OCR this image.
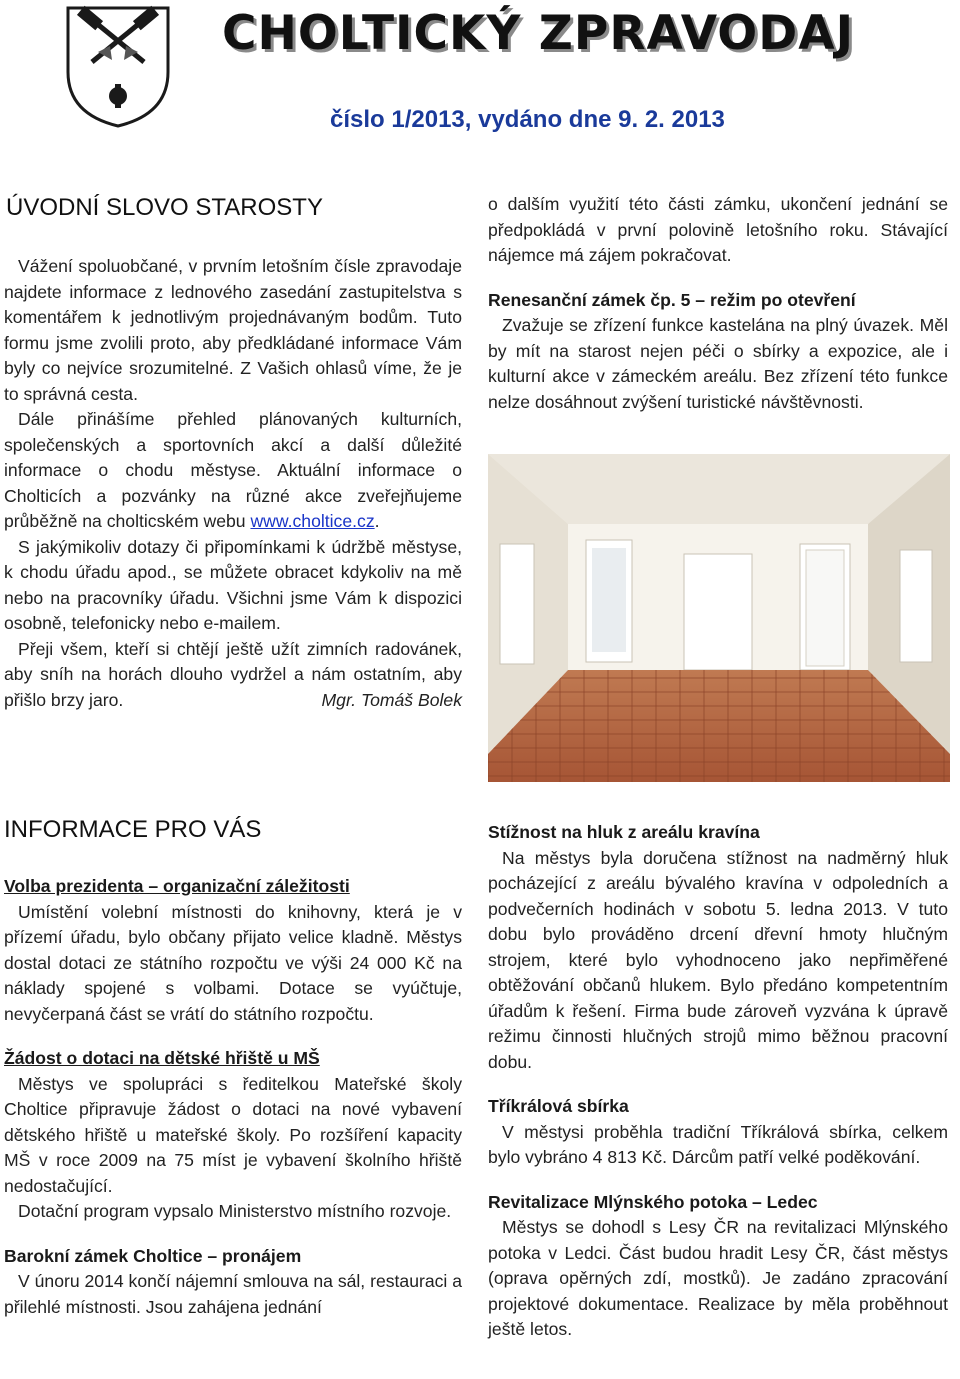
CHOLTICKÝ ZPRAVODAJ
číslo 1/2013, vydáno dne 9. 2. 2013
ÚVODNÍ SLOVO STAROSTY

Vážení spoluobčané, v prvním letošním čísle zpravodaje najdete informace z lednového zasedání zastupitelstva s komentářem k jednotlivým projednávaným bodům. Tuto formu jsme zvolili proto, aby předkládané informace Vám byly co nejvíce srozumitelné. Z Vašich ohlasů víme, že je to správná cesta.

Dále přinášíme přehled plánovaných kulturních, společenských a sportovních akcí a další důležité informace o chodu městyse. Aktuální informace o Cholticích a pozvánky na různé akce zveřejňujeme průběžně na cholticském webu www.choltice.cz.

S jakýmikoliv dotazy či připomínkami k údržbě městyse, k chodu úřadu apod., se můžete obracet kdykoliv na mě nebo na pracovníky úřadu. Všichni jsme Vám k dispozici osobně, telefonicky nebo e-mailem.

Přeji všem, kteří si chtějí ještě užít zimních radovánek, aby sníh na horách dlouho vydržel a nám ostatním, aby přišlo brzy jaro.	Mgr. Tomáš Bolek

o dalším využití této části zámku, ukončení jednání se předpokládá v první polovině letošního roku. Stávající nájemce má zájem pokračovat.

Renesanční zámek čp. 5 – režim po otevření

Zvažuje se zřízení funkce kastelána na plný úvazek. Měl by mít na starost nejen péči o sbírky a expozice, ale i kulturní akce v zámeckém areálu. Bez zřízení této funkce nelze dosáhnout zvýšení turistické návštěvnosti.

INFORMACE PRO VÁS

Volba prezidenta – organizační záležitosti

Umístění volební místnosti do knihovny, která je v přízemí úřadu, bylo občany přijato velice kladně. Městys dostal dotaci ze státního rozpočtu ve výši 24 000 Kč na náklady spojené s volbami. Dotace se vyúčtuje, nevyčerpaná část se vrátí do státního rozpočtu.

Žádost o dotaci na dětské hřiště u MŠ

Městys ve spolupráci s ředitelkou Mateřské školy Choltice připravuje žádost o dotaci na nové vybavení dětského hřiště u mateřské školy. Po rozšíření kapacity MŠ v roce 2009 na 75 míst je vybavení školního hřiště nedostačující.

Dotační program vypsalo Ministerstvo místního rozvoje.

Barokní zámek Choltice – pronájem

V únoru 2014 končí nájemní smlouva na sál, restauraci a přilehlé místnosti. Jsou zahájena jednání

Stížnost na hluk z areálu kravína

Na městys byla doručena stížnost na nadměrný hluk pocházející z areálu bývalého kravína v odpoledních a podvečerních hodinách v sobotu 5. ledna 2013. V tuto dobu bylo prováděno drcení dřevní hmoty hlučným strojem, které bylo vyhodnoceno jako nepřiměřené obtěžování občanů hlukem. Bylo předáno kompetentním úřadům k řešení. Firma bude zároveň vyzvána k úpravě režimu činnosti hlučných strojů mimo běžnou pracovní dobu.

Tříkrálová sbírka

V městysi proběhla tradiční Tříkrálová sbírka, celkem bylo vybráno 4 813 Kč. Dárcům patří velké poděkování.

Revitalizace Mlýnského potoka – Ledec

Městys se dohodl s Lesy ČR na revitalizaci Mlýnského potoka v Ledci. Část budou hradit Lesy ČR, část městys (oprava opěrných zdí, mostků). Je zadáno zpracování projektové dokumentace. Realizace by měla proběhnout ještě letos.
